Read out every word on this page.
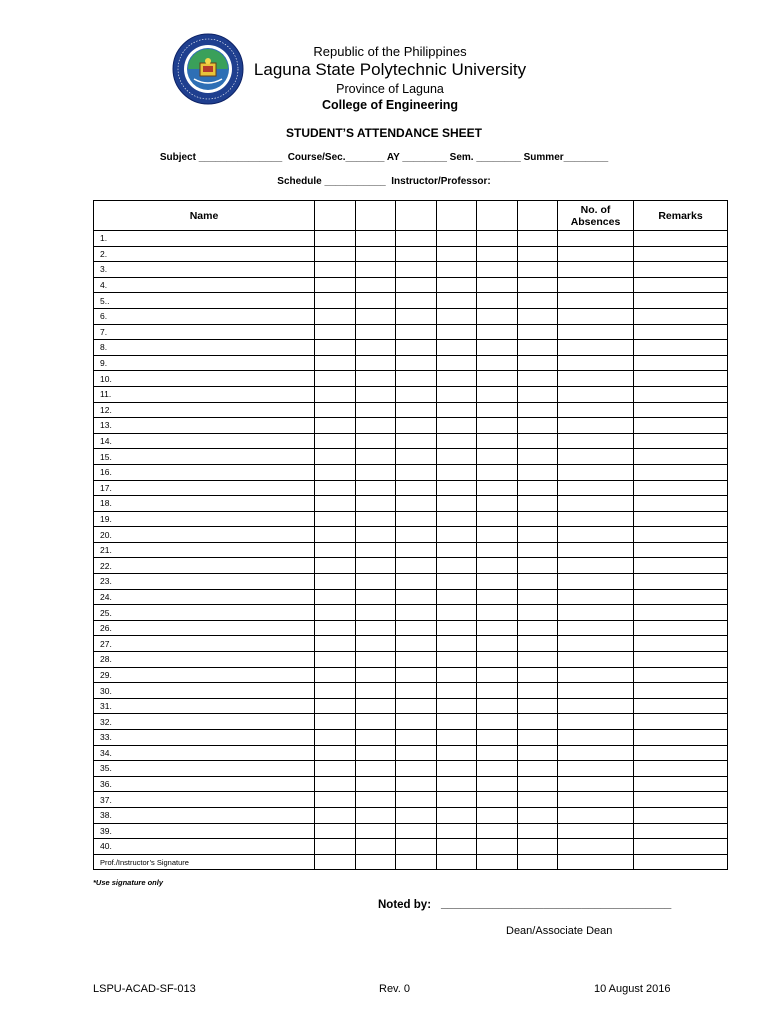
Republic of the Philippines
Laguna State Polytechnic University
Province of Laguna
College of Engineering
STUDENT’S ATTENDANCE SHEET
Subject _______________  Course/Sec._______ AY ________ Sem. ________ Summer________
Schedule ___________  Instructor/Professor:
Name							No. of Absences	Remarks
1.								
2.								
3.								
4.								
5..								
6.								
7.								
8.								
9.								
10.								
11.								
12.								
13.								
14.								
15.								
16.								
17.								
18.								
19.								
20.								
21.								
22.								
23.								
24.								
25.								
26.								
27.								
28.								
29.								
30.								
31.								
32.								
33.								
34.								
35.								
36.								
37.								
38.								
39.								
40.								
Prof./Instructor’s Signature								
*Use signature only
Noted by: ____________________________________
Dean/Associate Dean
LSPU-ACAD-SF-013	Rev. 0	10 August 2016
